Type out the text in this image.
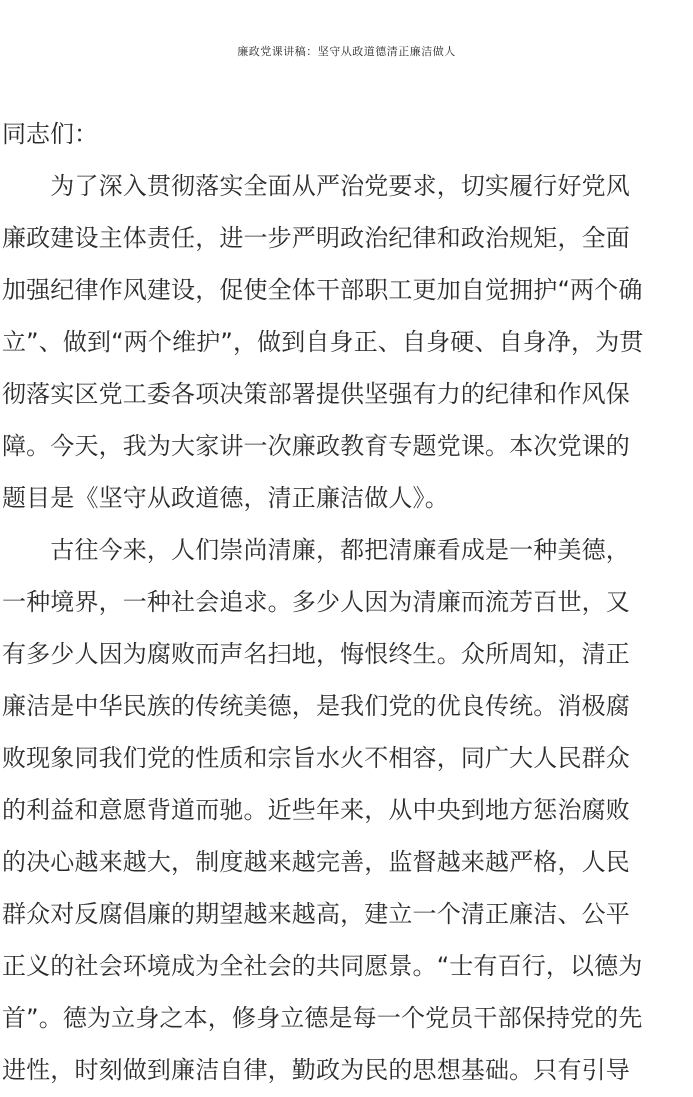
廉政党课讲稿：坚守从政道德清正廉洁做人
同志们：
　　为了深入贯彻落实全面从严治党要求，切实履行好党风
廉政建设主体责任，进一步严明政治纪律和政治规矩，全面
加强纪律作风建设，促使全体干部职工更加自觉拥护“两个确
立”、做到“两个维护”，做到自身正、自身硬、自身净，为贯
彻落实区党工委各项决策部署提供坚强有力的纪律和作风保
障。今天，我为大家讲一次廉政教育专题党课。本次党课的
题目是《坚守从政道德，清正廉洁做人》。
　　古往今来，人们崇尚清廉，都把清廉看成是一种美德，
一种境界，一种社会追求。多少人因为清廉而流芳百世，又
有多少人因为腐败而声名扫地，悔恨终生。众所周知，清正
廉洁是中华民族的传统美德，是我们党的优良传统。消极腐
败现象同我们党的性质和宗旨水火不相容，同广大人民群众
的利益和意愿背道而驰。近些年来，从中央到地方惩治腐败
的决心越来越大，制度越来越完善，监督越来越严格，人民
群众对反腐倡廉的期望越来越高，建立一个清正廉洁、公平
正义的社会环境成为全社会的共同愿景。“士有百行，以德为
首”。德为立身之本，修身立德是每一个党员干部保持党的先
进性，时刻做到廉洁自律，勤政为民的思想基础。只有引导
